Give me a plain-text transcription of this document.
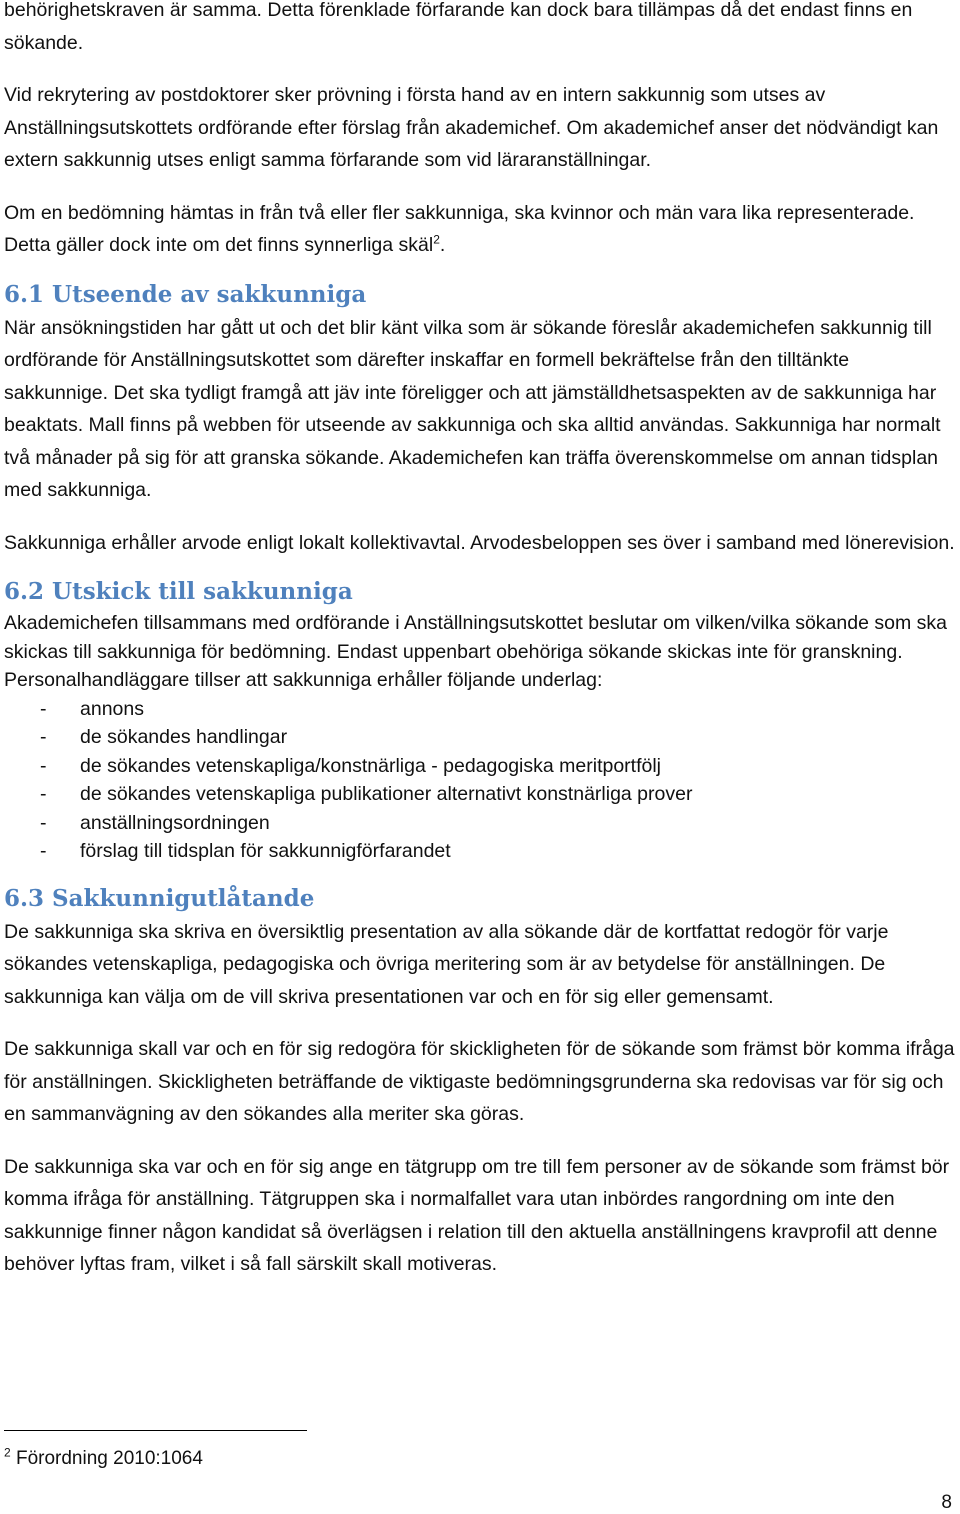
behörighetskraven är samma. Detta förenklade förfarande kan dock bara tillämpas då det endast finns en sökande.

Vid rekrytering av postdoktorer sker prövning i första hand av en intern sakkunnig som utses av Anställningsutskottets ordförande efter förslag från akademichef. Om akademichef anser det nödvändigt kan extern sakkunnig utses enligt samma förfarande som vid läraranställningar.

Om en bedömning hämtas in från två eller fler sakkunniga, ska kvinnor och män vara lika representerade. Detta gäller dock inte om det finns synnerliga skäl$^2$.

6.1 Utseende av sakkunniga

När ansökningstiden har gått ut och det blir känt vilka som är sökande föreslår akademichefen sakkunnig till ordförande för Anställningsutskottet som därefter inskaffar en formell bekräftelse från den tilltänkte sakkunnige. Det ska tydligt framgå att jäv inte föreligger och att jämställdhetsaspekten av de sakkunniga har beaktats. Mall finns på webben för utseende av sakkunniga och ska alltid användas. Sakkunniga har normalt två månader på sig för att granska sökande. Akademichefen kan träffa överenskommelse om annan tidsplan med sakkunniga.

Sakkunniga erhåller arvode enligt lokalt kollektivavtal. Arvodesbeloppen ses över i samband med lönerevision.

6.2 Utskick till sakkunniga

Akademichefen tillsammans med ordförande i Anställningsutskottet beslutar om vilken/vilka sökande som ska skickas till sakkunniga för bedömning. Endast uppenbart obehöriga sökande skickas inte för granskning.

Personalhandläggare tillser att sakkunniga erhåller följande underlag:

- annons
- de sökandes handlingar
- de sökandes vetenskapliga/konstnärliga - pedagogiska meritportfölj
- de sökandes vetenskapliga publikationer alternativt konstnärliga prover
- anställningsordningen
- förslag till tidsplan för sakkunnigförfarandet
6.3 Sakkunnigutlåtande

De sakkunniga ska skriva en översiktlig presentation av alla sökande där de kortfattat redogör för varje sökandes vetenskapliga, pedagogiska och övriga meritering som är av betydelse för anställningen. De sakkunniga kan välja om de vill skriva presentationen var och en för sig eller gemensamt.

De sakkunniga skall var och en för sig redogöra för skickligheten för de sökande som främst bör komma ifråga för anställningen. Skickligheten beträffande de viktigaste bedömningsgrunderna ska redovisas var för sig och en sammanvägning av den sökandes alla meriter ska göras.

De sakkunniga ska var och en för sig ange en tätgrupp om tre till fem personer av de sökande som främst bör komma ifråga för anställning. Tätgruppen ska i normalfallet vara utan inbördes rangordning om inte den sakkunnige finner någon kandidat så överlägsen i relation till den aktuella anställningens kravprofil att denne behöver lyftas fram, vilket i så fall särskilt skall motiveras.

$^2$ Förordning 2010:1064
8
